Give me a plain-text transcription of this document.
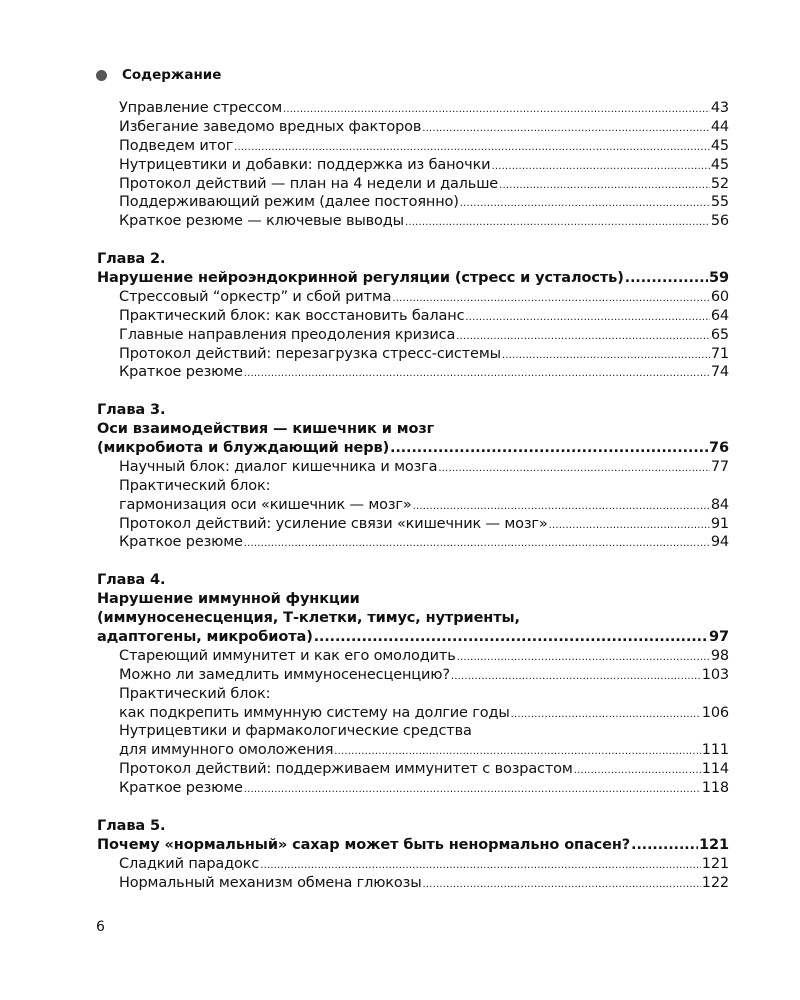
Содержание
Управление стрессом .....	43
Избегание заведомо вредных факторов .....	44
Подведем итог .....	45
Нутрицевтики и добавки: поддержка из баночки .....	45
Протокол действий — план на 4 недели и дальше .....	52
Поддерживающий режим (далее постоянно) .....	55
Краткое резюме — ключевые выводы .....	56
Глава 2.
Нарушение нейроэндокринной регуляции (стресс и усталость) .....	59
Стрессовый “оркестр” и сбой ритма .....	60
Практический блок: как восстановить баланс .....	64
Главные направления преодоления кризиса .....	65
Протокол действий: перезагрузка стресс-системы .....	71
Краткое резюме .....	74
Глава 3.
Оси взаимодействия — кишечник и мозг
(микробиота и блуждающий нерв) .....	76
Научный блок: диалог кишечника и мозга .....	77
Практический блок:
гармонизация оси «кишечник — мозг» .....	84
Протокол действий: усиление связи «кишечник — мозг» .....	91
Краткое резюме .....	94
Глава 4.
Нарушение иммунной функции
(иммуносенесценция, Т-клетки, тимус, нутриенты,
адаптогены, микробиота) .....	97
Стареющий иммунитет и как его омолодить .....	98
Можно ли замедлить иммуносенесценцию? .....	103
Практический блок:
как подкрепить иммунную систему на долгие годы .....	106
Нутрицевтики и фармакологические средства
для иммунного омоложения .....	111
Протокол действий: поддерживаем иммунитет с возрастом .....	114
Краткое резюме .....	118
Глава 5.
Почему «нормальный» сахар может быть ненормально опасен? .....	121
Сладкий парадокс .....	121
Нормальный механизм обмена глюкозы .....	122
6
